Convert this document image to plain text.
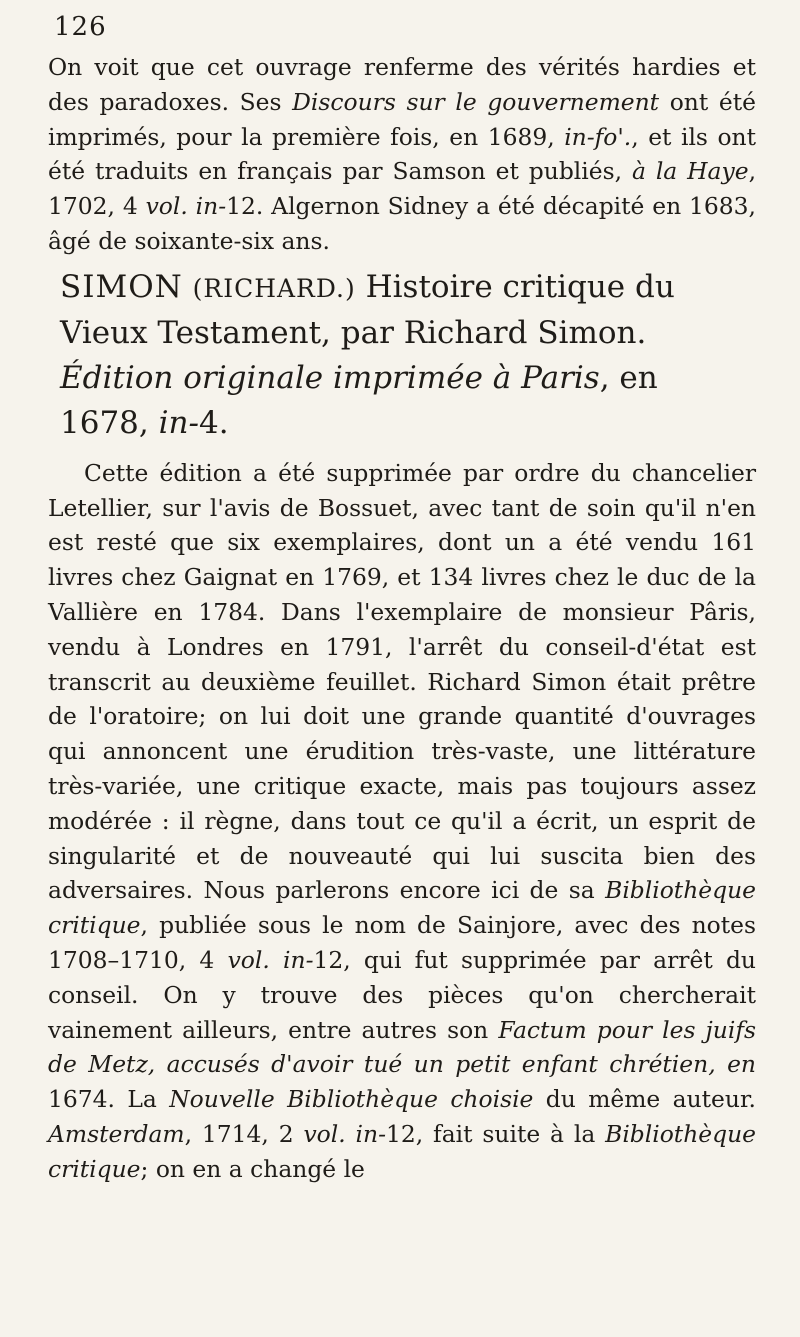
126

On voit que cet ouvrage renferme des vérités hardies et des paradoxes. Ses Discours sur le gouvernement ont été imprimés, pour la première fois, en 1689, in-fo'., et ils ont été traduits en français par Samson et publiés, à la Haye, 1702, 4 vol. in-12. Algernon Sidney a été décapité en 1683, âgé de soixante-six ans.

SIMON (RICHARD.) Histoire critique du Vieux Testament, par Richard Simon. Édition originale imprimée à Paris, en 1678, in-4.

Cette édition a été supprimée par ordre du chancelier Letellier, sur l'avis de Bossuet, avec tant de soin qu'il n'en est resté que six exemplaires, dont un a été vendu 161 livres chez Gaignat en 1769, et 134 livres chez le duc de la Vallière en 1784. Dans l'exemplaire de monsieur Pâris, vendu à Londres en 1791, l'arrêt du conseil-d'état est transcrit au deuxième feuillet. Richard Simon était prêtre de l'oratoire; on lui doit une grande quantité d'ouvrages qui annoncent une érudition très-vaste, une littérature très-variée, une critique exacte, mais pas toujours assez modérée : il règne, dans tout ce qu'il a écrit, un esprit de singularité et de nouveauté qui lui suscita bien des adversaires. Nous parlerons encore ici de sa Bibliothèque critique, publiée sous le nom de Sainjore, avec des notes 1708–1710, 4 vol. in-12, qui fut supprimée par arrêt du conseil. On y trouve des pièces qu'on chercherait vainement ailleurs, entre autres son Factum pour les juifs de Metz, accusés d'avoir tué un petit enfant chrétien, en 1674. La Nouvelle Bibliothèque choisie du même auteur. Amsterdam, 1714, 2 vol. in-12, fait suite à la Bibliothèque critique; on en a changé le
